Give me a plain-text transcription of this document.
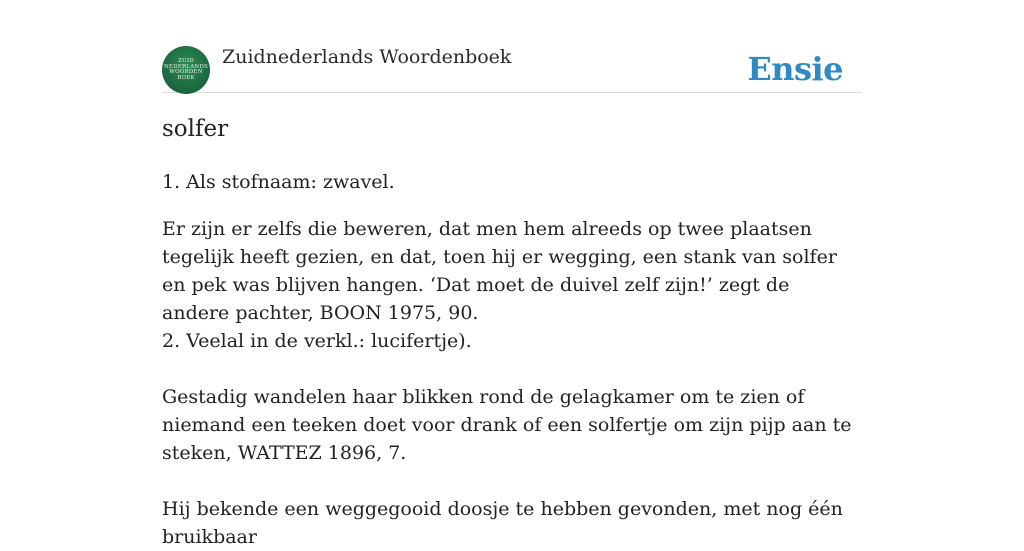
ZUID
NEDERLANDS
WOORDEN
BOEK
Zuidnederlands Woordenboek	Ensie
solfer

1. Als stofnaam: zwavel.

Er zijn er zelfs die beweren, dat men hem alreeds op twee plaatsen tegelijk heeft gezien, en dat, toen hij er wegging, een stank van solfer en pek was blijven hangen. ‘Dat moet de duivel zelf zijn!’ zegt de andere pachter, BOON 1975, 90.

2. Veelal in de verkl.: lucifertje).

Gestadig wandelen haar blikken rond de gelagkamer om te zien of niemand een teeken doet voor drank of een solfertje om zijn pijp aan te steken, WATTEZ 1896, 7.

Hij bekende een weggegooid doosje te hebben gevonden, met nog één bruikbaar
